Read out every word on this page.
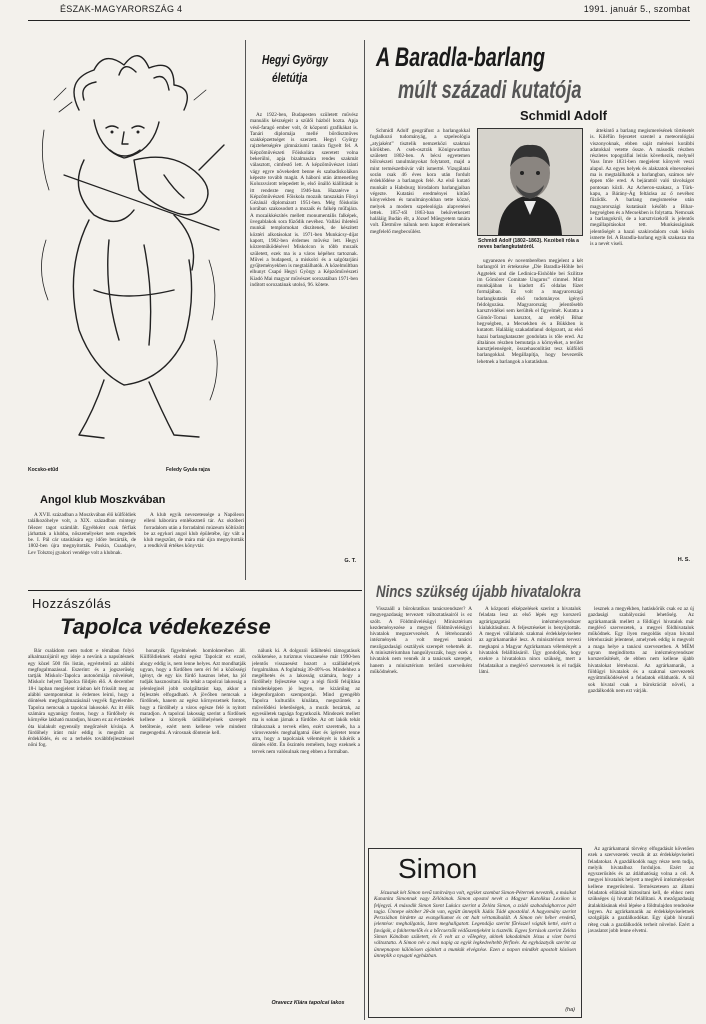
ÉSZAK-MAGYARORSZÁG 4	1991. január 5., szombat
Kocsko-etűd	Feledy Gyula rajza
Angol klub Moszkvában

A XVII. században a Moszkvában élő külföldiek találkozóhelye volt, a XIX. században mintegy félezer tagot számlált. Egyébként csak férfiak járhattak a klubba, nőszemélyeket nem engedtek be. I. Pál cár utasítására egy időre bezárták, de 1802-ben újra megnyitották. Puskin, Csaadajev, Lev Tolsztoj gyakori vendége volt a klubnak.

A klub egyik nevezetessége a Napóleon elleni háborúra emlékeztető tár. Az októberi forradalom után a forradalmi múzeum költözött be az egykori angol klub épületébe, így vált a klub megszűnt, de mára már újra megnyitották a rendkívül értékes könyvtár.

Hegyi György
életútja

Az 1922-ben, Budapesten született művész manuális készségeit a szülői házból hozta. Apja véső-faragó ember volt, őt központi grafikákat is. Tanári diplomája mellé bőrdíszműves szakképzettséget is szerzett. Hegyi György rajztehetségére gimnáziumi tanára figyelt fel. A Képzőművészeti Főiskolára szeretett volna bekerülni, apja bizalmasára rendes szakmát választott, címfestő lett. A képzőművészet iránti vágy egyre növekedett benne és szabadiskolákon képezte tovább magát. A háború után átmenetileg Kolozsvárott telepedett le, első önálló kiállítását is itt rendezte meg 1946-ban. Hazatérve a Képzőművészeti Főiskola mozaik tanszakán Főnyi Gézánál diplomázott 1951-ben. Még főiskolás korában szakosodott a mozaik és falkép műfajára. A mozaikkészítés mellett monumentális falképek, üvegablakok sora fűződik nevéhez. Vallási ihletésű munkái templomokat díszítenek, de készített köztéri alkotásokat is. 1971-ben Munkácsy-díjat kapott, 1982-ben érdemes művész lett. Hegyi közreműködésével Miskolcon is több mozaik született, ezek ma is a város képéhez tartoznak. Művei a budapesti, a miskolci és a salgótarjáni gyűjteményekben is megtalálhatók. A közelmúltban elhunyt Csapó Hegyi György a Képzőművészeti Kiadó Mai magyar művészet sorozatában 1971-ben indított sorozatának utolsó, 96. kötete.

G. T.
A Baradla-barlang
múlt századi kutatója
Schmidl Adolf

Schmidl Adolf geográfust a barlangokkal foglalkozó tudományág, a szpeleológia „atyjaként” tisztelik nemzetközi szakmai körökben. A cseh-osztrák Königswartban született 1802-ben. A bécsi egyetemen bölcsészeti tanulmányokat folytatott, majd a mint természetbúvár vált ismertté. Vizsgálatai során csak 46 éves kora után fordult érdeklődése a barlangok felé. Az első kutató munkáit a Habsburg birodalom barlangjaiban végezte. Kutatási eredményei kitűnő könyvekben és tanulmányokban tette közzé, melyek a modern szpeleológia alapvetései lettek. 1857-től 1863-ban bekövetkezett haláláig Budán élt, a József Műegyetem tanára volt. Életműve nálunk nem kapott érdemeinek megfelelő megbecsülést.

Schmidl Adolf (1802–1863). Kezébeli róla a neves barlangkutatóról.

ugyanezen év novemberében megjelent a két barlangról írt értekezése „Die Baradla-Höhle bei Aggtelek und die Ledinica-Eishöhle bei Szilitze im Gömörer Comitate Ungarns” címmel. Mint munkájában is kiadott 45 oldalas füzet formájában. Ez volt a magyarországi barlangkutatás első tudományos igényű feldolgozása. Magyarország jelentősebb karsztvidékei sem kerülték el figyelmét. Kutatta a Gömör-Tornai karsztot, az erdélyi Bihar hegységben, a Mecsekben és a Bükkben is kutatott. Haláláig szakadatlanul dolgozott, az első hazai barlangkataszter gondolata is tőle ered. Az általános részben bemutatja a környéket, a terület karsztjelenségeit, összehasonlítást tesz külföldi barlangokkal. Megállapítja, hogy bevezetők lehetnek a barlangok a kutatásban.

áttekintő a barlang megismerésének történetét is. Kiléfűn fejezetet szentel a meteorológiai viszonyoknak, ebben saját mérései korábbi adatokkal vetette össze. A második részben részletes topográfiai leírás következik, melynél Vass Imre 1831-ben megjelent könyvét veszi alapul. Az egyes helyek és alakzatok elnevezései ma is megtalálhatók a barlangban, számos név éppen tőle ered. A bejárattól való távolságot pontosan közli. Az Acheron-szakasz, a Türk-kapu, a Bárány-Ág feltárása az ő nevéhez fűződik. A barlang megismerése után magyarországi kutatásait később a Bihar-hegységben és a Mecsekben is folytatta. Nemcsak a barlangokról, de a karsztvizekről is jelentős megállapításokat tett. Munkásságának jelentőségét a hazai szakirodalom csak későn ismerte fel. A Baradla-barlang egyik szakasza ma is a nevét viseli.

H. S.
Nincs szükség újabb hivatalokra

Visszaáll a bürokratikus tanácsrendszer? A megyegazdaság tervezett változtatásairól is ez szólt. A Földművelésügyi Minisztérium kezdeményezése a megyei földművelésügyi hivatalok megszervezését. A létrehozandó intézmények a volt megyei tanácsi mezőgazdasági osztályok szerepét vehetnék át. A minisztériumban hangsúlyozzák, hogy ezek a hivatalok nem vennék át a tanácsok szerepét, hanem a minisztérium területi szerveiként működnének.

A központi elképzelések szerint a hivatalok feladata lesz az első lépés egy korszerű agrárigazgatási intézményrendszer kialakításához. A feljesztéseket is benyújtották. A megyei vállalatok szakmai érdekképviselete az agrárkamaráké lesz. A minisztérium tervezi megkapni a Magyar Agrárkamara véleményét a hivatalok felállításáról. Úgy gondoljuk, hogy ezekre a hivatalokra nincs szükség, mert a feladataikat a meglévő szervezetek is el tudják látni.

lesznek a megyékben, hatáskörük csak ez az új gazdasági szabályozási lehetőség. Az agrárkamarák mellett a földügyi hivatalok már meglévő szervezetek, a megyei földhivatalok működnek. Egy ilyen megoldás olyan hivatal létrehozását jelentené, amelynek eddig is megvolt a maga helye a tanácsi szervezetben. A MÉM ugyan megindította az intézményrendszer korszerűsítését, de ebben nem kellene újabb hivatalokat létrehozni. Az agrárkamarák, a földügyi hivatalok és a szakmai szervezetek együttműködésével a feladatok elláthatók. A túl sok hivatal csak a bürokráciát növeli, a gazdálkodók nem ezt várják.

Az agrárkamarai törvény elfogadását követően ezek a szervezetek veszik át az érdekképviseleti feladatokat. A gazdálkodók nagy része nem tudja, melyik hivatalhoz forduljon. Ezért az egyszerűsítés és az átláthatóság volna a cél. A megyei hivatalok helyett a meglévő intézményeket kellene megerősíteni. Természetesen az állami feladatok ellátását biztosítani kell, de ehhez nem szükséges új hivatalt felállítani. A mezőgazdaság átalakításának első lépése a földtulajdon rendezése legyen. Az agrárkamarák az érdekképviseletnek szolgálják a gazdálkodókat. Egy újabb hivatali réteg csak a gazdálkodók terheit növelné. Ezért a javaslatot jobb lenne elvetni.

Simon

Jézusnak két Simon nevű tanítványa volt, egyiket szombat Simon-Péternek nevezték, a másikat Kananita Simonnak vagy Zélótának. Simon apostol nevét a Magyar Katolikus Lexikon is feljegyzi. A második Simon Szent Lukács szerint a Zelóta Simon, a zsidó szabadságharcos párt tagja. Ünnepe október 28-án van, együtt ünneplik Júdás Tádé apostollal. A hagyomány szerint Perzsiában hirdette az evangéliumot és ott halt vértanúhalált. A Simon név héber eredetű, jelentése: meghallgatás, Isten meghallgatott. Legendája szerint fűrésszel vágták ketté, ezért a favágók, a fakitermelők és a bőrcserzők védőszentjeként is tisztelik. Egyes források szerint Zelóta Simon Kánában született, és ő volt az a vőlegény, akinek lakodalmán Jézus a vizet borrá változtatta. A Simon név a mai napig az egyik legkedveltebb férfinév. Az egyházatyák szerint az ünnepnapon különösen ajánlott a munkák elvégzése. Ezen a napon mindkét apostolt közösen ünneplik a nyugati egyházban.

(ha)
Hozzászólás
Tapolca védekezése

Bár családom nem tudott e témában folyó alkalmazójáról egy ideje a nevünk a napsütésnek egy közel 500 fős listán, egyértelmű az alábbi megfogalmazással. Eszerint: és a jogszerűség tartják Miskolc-Tapolca autonómiája növelését, Miskolc helyett Tapolca földjén élő. A december 18-i lapban megjelent írásban két frissült meg az alábbi szempontokat is érdemes leírni, hogy a döntések megfogalmazásánál vegyék figyelembe. Tapolca nemcsak a tapolcai lakosoké. Az itt élők számára ugyanúgy fontos, hogy a fürdőhely és környéke lakható maradjon, hiszen ez az évtizedek óta kialakult egyensúly megőrzését kívánja. A fürdőhely iránt már eddig is megnőtt az érdeklődés, és ez a terhelés továbbfejlesztéssel nőni fog.

honatyák figyelmének homlokterében áll. Külföldieknek eladni egész Tapolcát ez ezzel, ahogy eddig is, nem lenne helyes. Azt mondhatják ugyan, hogy a fürdőben nem éri fel a közösségi igényt, de egy kis fürdő hasznos lehet, ha jól tudják hasznosítani. Ha tehát a tapolcai lakosság a jelenleginél jobb szolgáltatást kap, akkor a fejlesztés elfogadható. A jövőben nemcsak a fürdőnek, hanem az egész környezetnek fontos, hogy a fürdőhely a város egésze felé is nyitott maradjon. A tapolcai lakosság szerint a fürdőnek kellene a környék üdülőhelyének szerepét betöltenie, ezért nem kellene vele mindent megengedni. A városnak döntenie kell.

nálunk ki. A dolgozói üdültetési támogatások csökkenése, a turizmus visszaesése már 1990-ben jelentős visszaesést hozott a szálláshelyek forgalmában. A foglaltság 30-40%-os. Mindehhez a megélhetés és a lakosság számára, hogy a fürdőhely fejlesztése vagy a régi fürdő felújítása mindenképpen jó legyen, ne kizárólag az idegenforgalom szempontjai. Mind gyengébb Tapolca kulturális kínálata, megszűntek a művelődési lehetőségek, a mozik bezártak, az egyesületek tagsága fogyatkozik. Mindezek mellett ma is sokan járnak a fürdőbe. Az ott lakók tehát tiltakoznak a tervek ellen, ezért szeretnék, ha a városvezetés meghallgatná őket és ígéretet tenne arra, hogy a tapolcaiak véleményét is kikérik a döntés előtt. Én őszintén remélem, hogy ezeknek a tervek nem valósulnak meg ebben a formában.

Oravecz Klára tapolcai lakos
